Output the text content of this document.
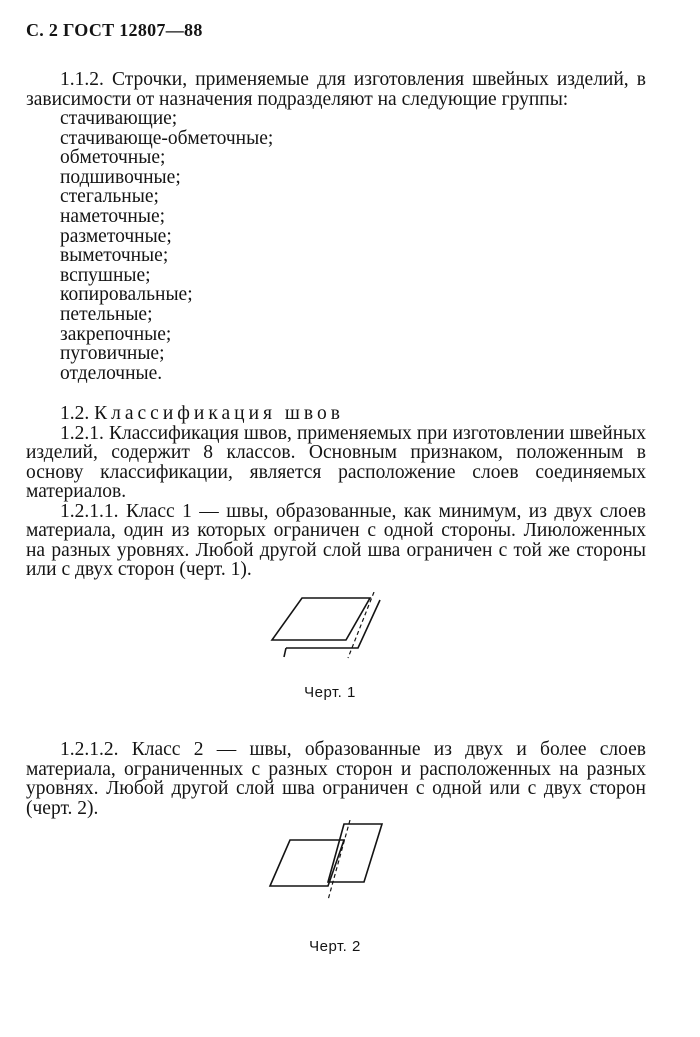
С. 2 ГОСТ 12807—88

1.1.2. Строчки, применяемые для изготовления швейных изделий, в зависимости от назначения подразделяют на следующие группы:

стачивающие;
стачивающе-обметочные;
обметочные;
подшивочные;
стегальные;
наметочные;
разметочные;
выметочные;
вспушные;
копировальные;
петельные;
закрепочные;
пуговичные;
отделочные.

1.2. Классификация швов

1.2.1. Классификация швов, применяемых при изготовлении швейных изделий, содержит 8 классов. Основным признаком, положенным в основу классификации, является расположение слоев соединяемых материалов.

1.2.1.1. Класс 1 — швы, образованные, как минимум, из двух слоев материала, один из которых ограничен с одной стороны. Лиюложенных на разных уровнях. Любой другой слой шва ограничен с той же стороны или с двух сторон (черт. 1).

Черт. 1

1.2.1.2. Класс 2 — швы, образованные из двух и более слоев материала, ограниченных с разных сторон и расположенных на разных уровнях. Любой другой слой шва ограничен с одной или с двух сторон (черт. 2).

Черт. 2
